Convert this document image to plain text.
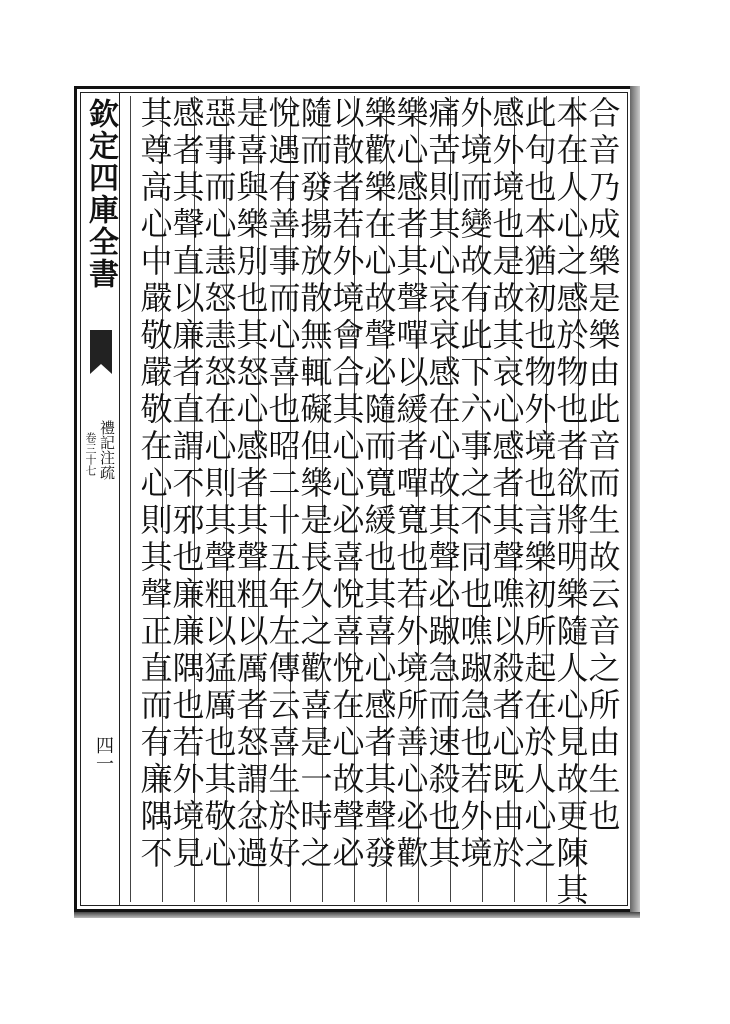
欽定四庫全書
禮記注疏
卷三十七
四一	合音乃成樂是樂由此音而生故云音之所由生也
本在人心之感於物也者欲將明樂隨人心見故更陳其
此句也本猶初也物外境也言樂初所起在於人心之
感外境也是故其哀心感者其聲噍以殺者心既由於
外境而變故有此下六事之不同也噍踧急也若外境
痛苦則其心哀哀感在心故其聲必踧急而速殺也其
樂心感者其聲嘽以緩者嘽寬也若外境所善心必歡
樂歡樂在心故聲必隨而寬緩也其喜心感者其聲發
以散者若外境會合其心心必喜悅喜悅在心故聲必
隨而發揚放散無輒礙但樂是長久之歡喜是一時之
悅遇有善事而心喜也昭二十五年左傳云喜生於好
是喜與樂別也其怒心感者其聲粗以厲者怒謂忿過
惡事而心恚怒恚怒在心則其聲粗以猛厲也其敬心
感者其聲直以廉者直謂不邪也廉廉隅也若外境見
其尊高心中嚴敬嚴敬在心則其聲正直而有廉隅不
